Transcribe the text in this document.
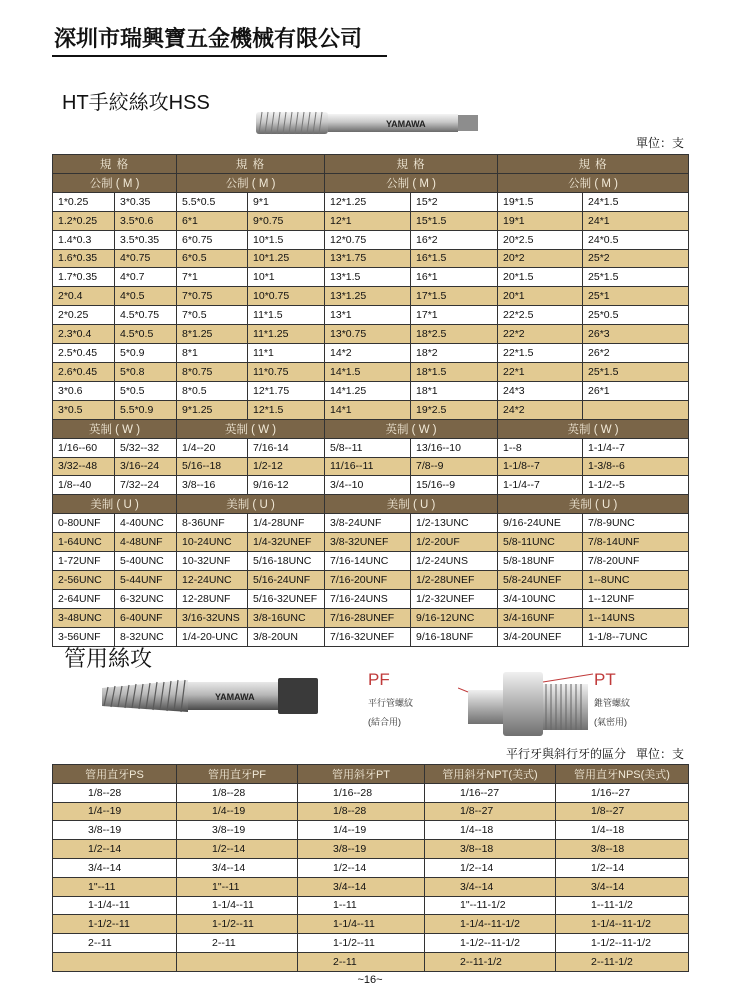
深圳市瑞興寶五金機械有限公司
HT手絞絲攻HSS
YAMAWA
單位：支
規 格		規 格		規 格		規 格	
公制 ( M )		公制 ( M )		公制 ( M )		公制 ( M )	
1*0.25	3*0.35	5.5*0.5	9*1	12*1.25	15*2	19*1.5	24*1.5
1.2*0.25	3.5*0.6	6*1	9*0.75	12*1	15*1.5	19*1	24*1
1.4*0.3	3.5*0.35	6*0.75	10*1.5	12*0.75	16*2	20*2.5	24*0.5
1.6*0.35	4*0.75	6*0.5	10*1.25	13*1.75	16*1.5	20*2	25*2
1.7*0.35	4*0.7	7*1	10*1	13*1.5	16*1	20*1.5	25*1.5
2*0.4	4*0.5	7*0.75	10*0.75	13*1.25	17*1.5	20*1	25*1
2*0.25	4.5*0.75	7*0.5	11*1.5	13*1	17*1	22*2.5	25*0.5
2.3*0.4	4.5*0.5	8*1.25	11*1.25	13*0.75	18*2.5	22*2	26*3
2.5*0.45	5*0.9	8*1	11*1	14*2	18*2	22*1.5	26*2
2.6*0.45	5*0.8	8*0.75	11*0.75	14*1.5	18*1.5	22*1	25*1.5
3*0.6	5*0.5	8*0.5	12*1.75	14*1.25	18*1	24*3	26*1
3*0.5	5.5*0.9	9*1.25	12*1.5	14*1	19*2.5	24*2	
英制 ( W )		英制 ( W )		英制 ( W )		英制 ( W )	
1/16--60	5/32--32	1/4--20	7/16-14	5/8--11	13/16--10	1--8	1-1/4--7
3/32--48	3/16--24	5/16--18	1/2-12	11/16--11	7/8--9	1-1/8--7	1-3/8--6
1/8--40	7/32--24	3/8--16	9/16-12	3/4--10	15/16--9	1-1/4--7	1-1/2--5
美制 ( U )		美制 ( U )		美制 ( U )		美制 ( U )	
0-80UNF	4-40UNC	8-36UNF	1/4-28UNF	3/8-24UNF	1/2-13UNC	9/16-24UNE	7/8-9UNC
1-64UNC	4-48UNF	10-24UNC	1/4-32UNEF	3/8-32UNEF	1/2-20UF	5/8-11UNC	7/8-14UNF
1-72UNF	5-40UNC	10-32UNF	5/16-18UNC	7/16-14UNC	1/2-24UNS	5/8-18UNF	7/8-20UNF
2-56UNC	5-44UNF	12-24UNC	5/16-24UNF	7/16-20UNF	1/2-28UNEF	5/8-24UNEF	1--8UNC
2-64UNF	6-32UNC	12-28UNF	5/16-32UNEF	7/16-24UNS	1/2-32UNEF	3/4-10UNC	1--12UNF
3-48UNC	6-40UNF	3/16-32UNS	3/8-16UNC	7/16-28UNEF	9/16-12UNC	3/4-16UNF	1--14UNS
3-56UNF	8-32UNC	1/4-20-UNC	3/8-20UN	7/16-32UNEF	9/16-18UNF	3/4-20UNEF	1-1/8--7UNC
管用絲攻
YAMAWA
PF
平行管螺紋
(結合用)
PT
錐管螺紋
(氣密用)
平行牙與斜行牙的區分 單位：支
管用直牙PS	管用直牙PF	管用斜牙PT	管用斜牙NPT(美式)	管用直牙NPS(美式)
1/8--28	1/8--28	1/16--28	1/16--27	1/16--27
1/4--19	1/4--19	1/8--28	1/8--27	1/8--27
3/8--19	3/8--19	1/4--19	1/4--18	1/4--18
1/2--14	1/2--14	3/8--19	3/8--18	3/8--18
3/4--14	3/4--14	1/2--14	1/2--14	1/2--14
1"--11	1"--11	3/4--14	3/4--14	3/4--14
1-1/4--11	1-1/4--11	1--11	1"--11-1/2	1--11-1/2
1-1/2--11	1-1/2--11	1-1/4--11	1-1/4--11-1/2	1-1/4--11-1/2
2--11	2--11	1-1/2--11	1-1/2--11-1/2	1-1/2--11-1/2
		2--11	2--11-1/2	2--11-1/2
~16~
